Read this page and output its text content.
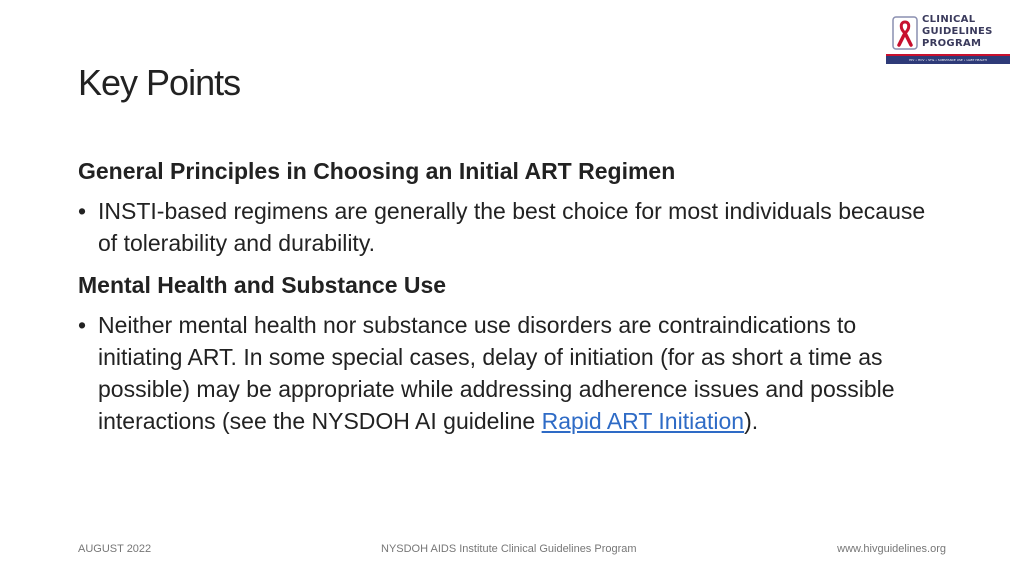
Key Points
CLINICAL
GUIDELINES
PROGRAM
HIV • HCV • STIs • SUBSTANCE USE • LGBT HEALTH

General Principles in Choosing an Initial ART Regimen

• INSTI-based regimens are generally the best choice for most individuals because of tolerability and durability.

Mental Health and Substance Use

• Neither mental health nor substance use disorders are contraindications to initiating ART. In some special cases, delay of initiation (for as short a time as possible) may be appropriate while addressing adherence issues and possible interactions (see the NYSDOH AI guideline Rapid ART Initiation).
AUGUST 2022	NYSDOH AIDS Institute Clinical Guidelines Program	www.hivguidelines.org
